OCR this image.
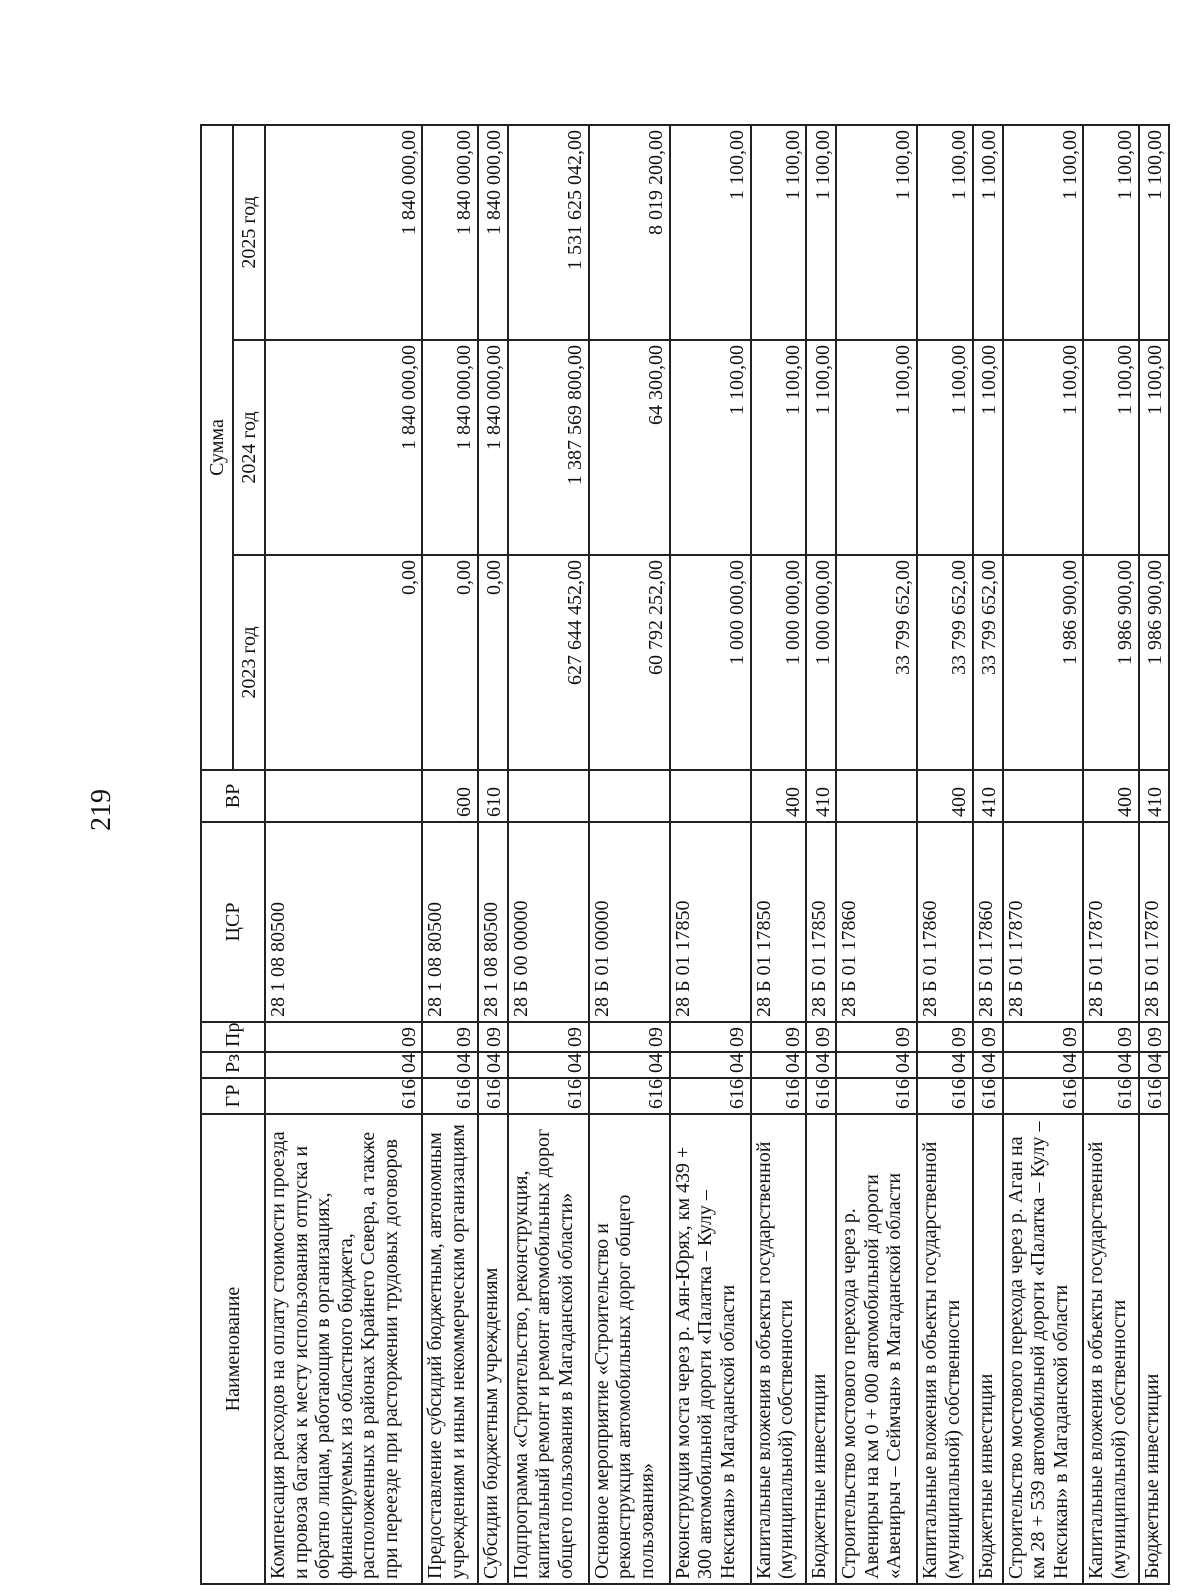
219
Наименование	ГР	Рз	Пр	ЦСР	ВР	Сумма		
						2023 год	2024 год	2025 год
Компенсация расходов на оплату стоимости проезда и провоза багажа к месту использования отпуска и обратно лицам, работающим в организациях, финансируемых из областного бюджета, расположенных в районах Крайнего Севера, а также при переезде при расторжении трудовых договоров	616	04	09	28 1 08 80500		0,00	1 840 000,00	1 840 000,00
Предоставление субсидий бюджетным, автономным учреждениям и иным некоммерческим организациям	616	04	09	28 1 08 80500	600	0,00	1 840 000,00	1 840 000,00
Субсидии бюджетным учреждениям	616	04	09	28 1 08 80500	610	0,00	1 840 000,00	1 840 000,00
Подпрограмма «Строительство, реконструкция, капитальный ремонт и ремонт автомобильных дорог общего пользования в Магаданской области»	616	04	09	28 Б 00 00000		627 644 452,00	1 387 569 800,00	1 531 625 042,00
Основное мероприятие «Строительство и реконструкция автомобильных дорог общего пользования»	616	04	09	28 Б 01 00000		60 792 252,00	64 300,00	8 019 200,00
Реконструкция моста через р. Аян-Юрях, км 439 + 300 автомобильной дороги «Палатка – Кулу – Нексикан» в Магаданской области	616	04	09	28 Б 01 17850		1 000 000,00	1 100,00	1 100,00
Капитальные вложения в объекты государственной (муниципальной) собственности	616	04	09	28 Б 01 17850	400	1 000 000,00	1 100,00	1 100,00
Бюджетные инвестиции	616	04	09	28 Б 01 17850	410	1 000 000,00	1 100,00	1 100,00
Строительство мостового перехода через р. Авенирыч на км 0 + 000 автомобильной дороги «Авенирыч – Сеймчан» в Магаданской области	616	04	09	28 Б 01 17860		33 799 652,00	1 100,00	1 100,00
Капитальные вложения в объекты государственной (муниципальной) собственности	616	04	09	28 Б 01 17860	400	33 799 652,00	1 100,00	1 100,00
Бюджетные инвестиции	616	04	09	28 Б 01 17860	410	33 799 652,00	1 100,00	1 100,00
Строительство мостового перехода через р. Аган на км 28 + 539 автомобильной дороги «Палатка – Кулу – Нексикан» в Магаданской области	616	04	09	28 Б 01 17870		1 986 900,00	1 100,00	1 100,00
Капитальные вложения в объекты государственной (муниципальной) собственности	616	04	09	28 Б 01 17870	400	1 986 900,00	1 100,00	1 100,00
Бюджетные инвестиции	616	04	09	28 Б 01 17870	410	1 986 900,00	1 100,00	1 100,00
